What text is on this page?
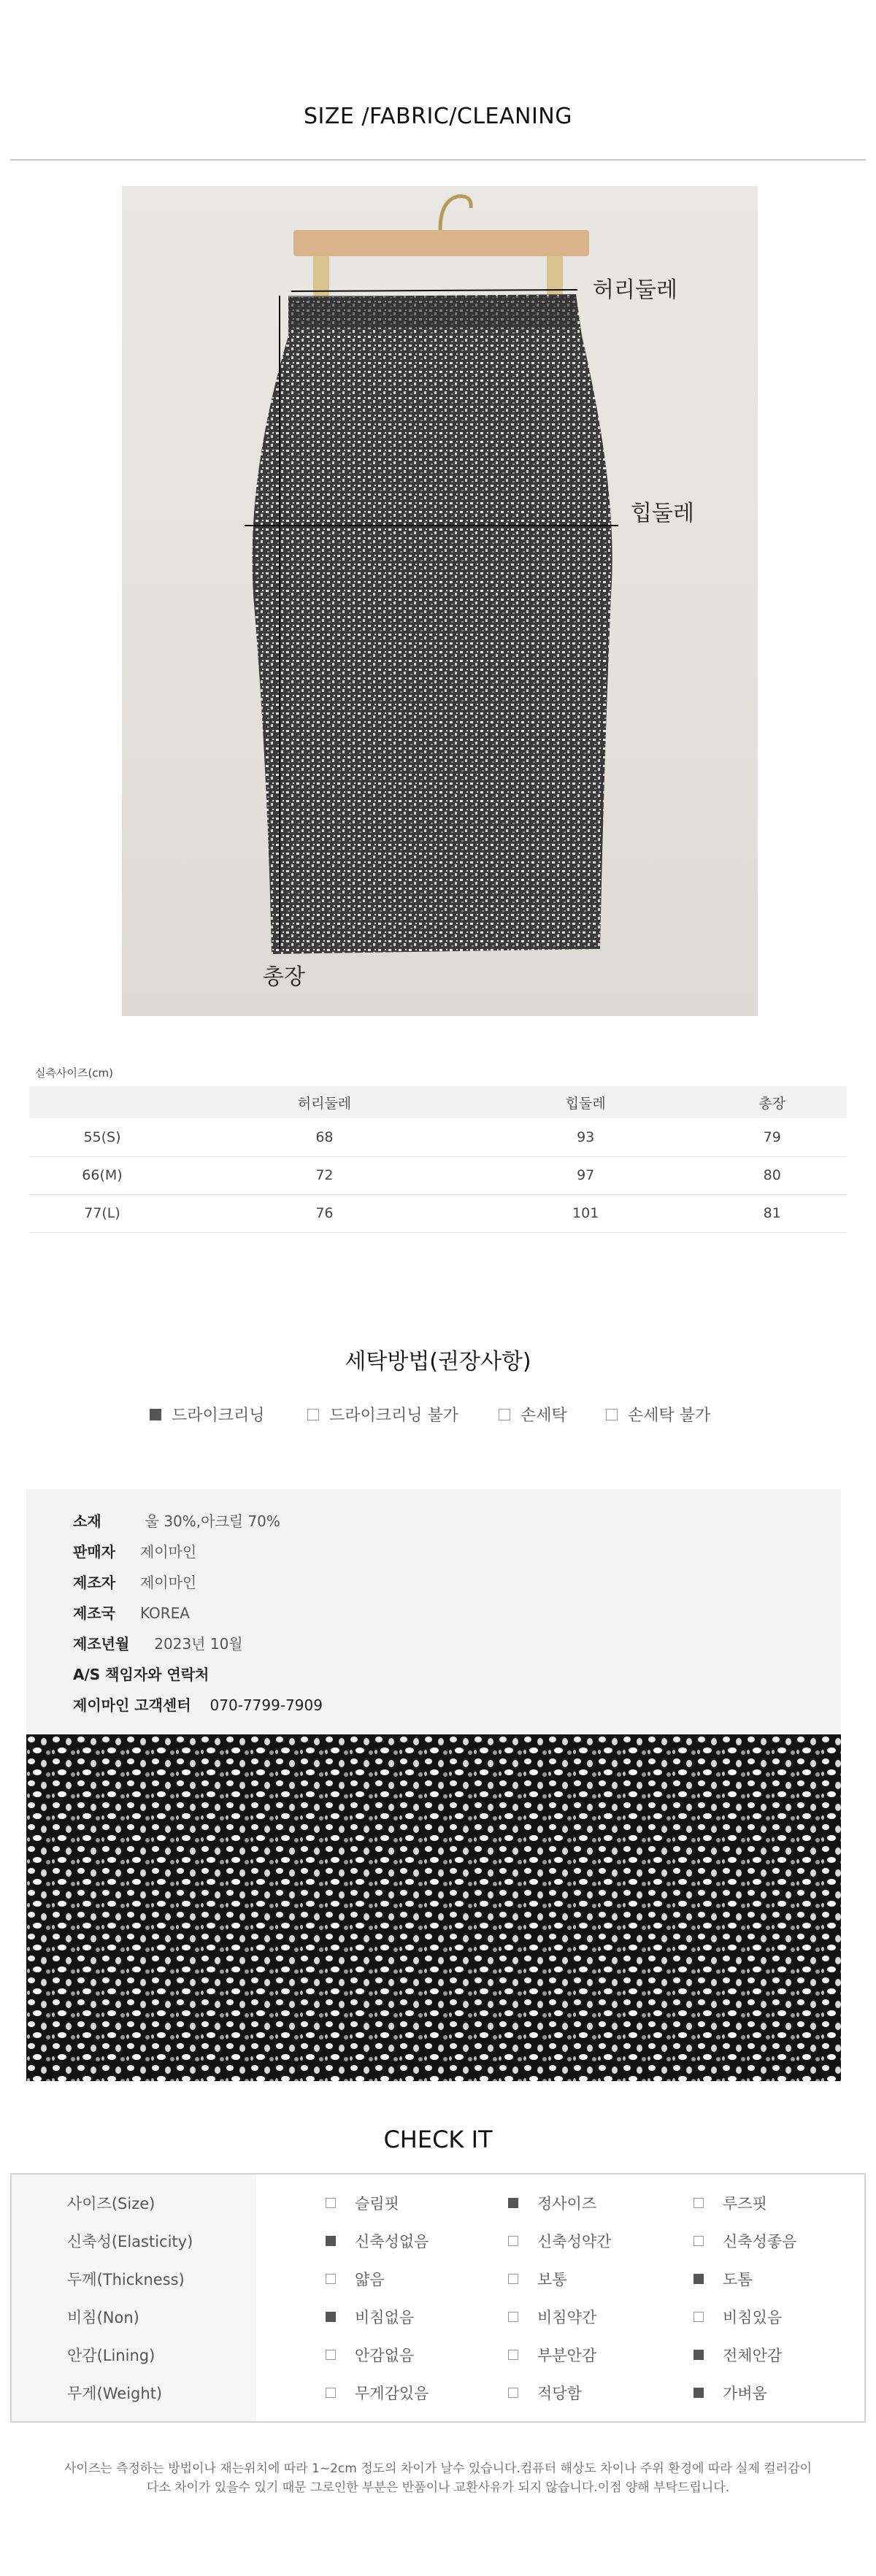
SIZE /FABRIC/CLEANING
허리둘레
힙둘레
총장
실측사이즈(cm)
	허리둘레	힙둘레	총장
55(S)	68	93	79
66(M)	72	97	80
77(L)	76	101	81
세탁방법(권장사항)
드라이크리닝	드라이크리닝 불가	손세탁	손세탁 불가
소재	울 30%,아크릴 70%
판매자 제이마인
제조자 제이마인
제조국 KOREA
제조년월 2023년 10월
A/S 책임자와 연락처
제이마인 고객센터 070-7799-7909
CHECK IT
사이즈(Size)	슬림핏	정사이즈	루즈핏
신축성(Elasticity)	신축성없음	신축성약간	신축성좋음
두께(Thickness)	얇음	보통	도톰
비침(Non)	비침없음	비침약간	비침있음
안감(Lining)	안감없음	부분안감	전체안감
무게(Weight)	무게감있음	적당함	가벼움
사이즈는 측정하는 방법이나 재는위치에 따라 1~2cm 정도의 차이가 날수 있습니다.컴퓨터 해상도 차이나 주위 환경에 따라 실제 컬러감이
다소 차이가 있을수 있기 때문 그로인한 부분은 반품이나 교환사유가 되지 않습니다.이점 양해 부탁드립니다.
